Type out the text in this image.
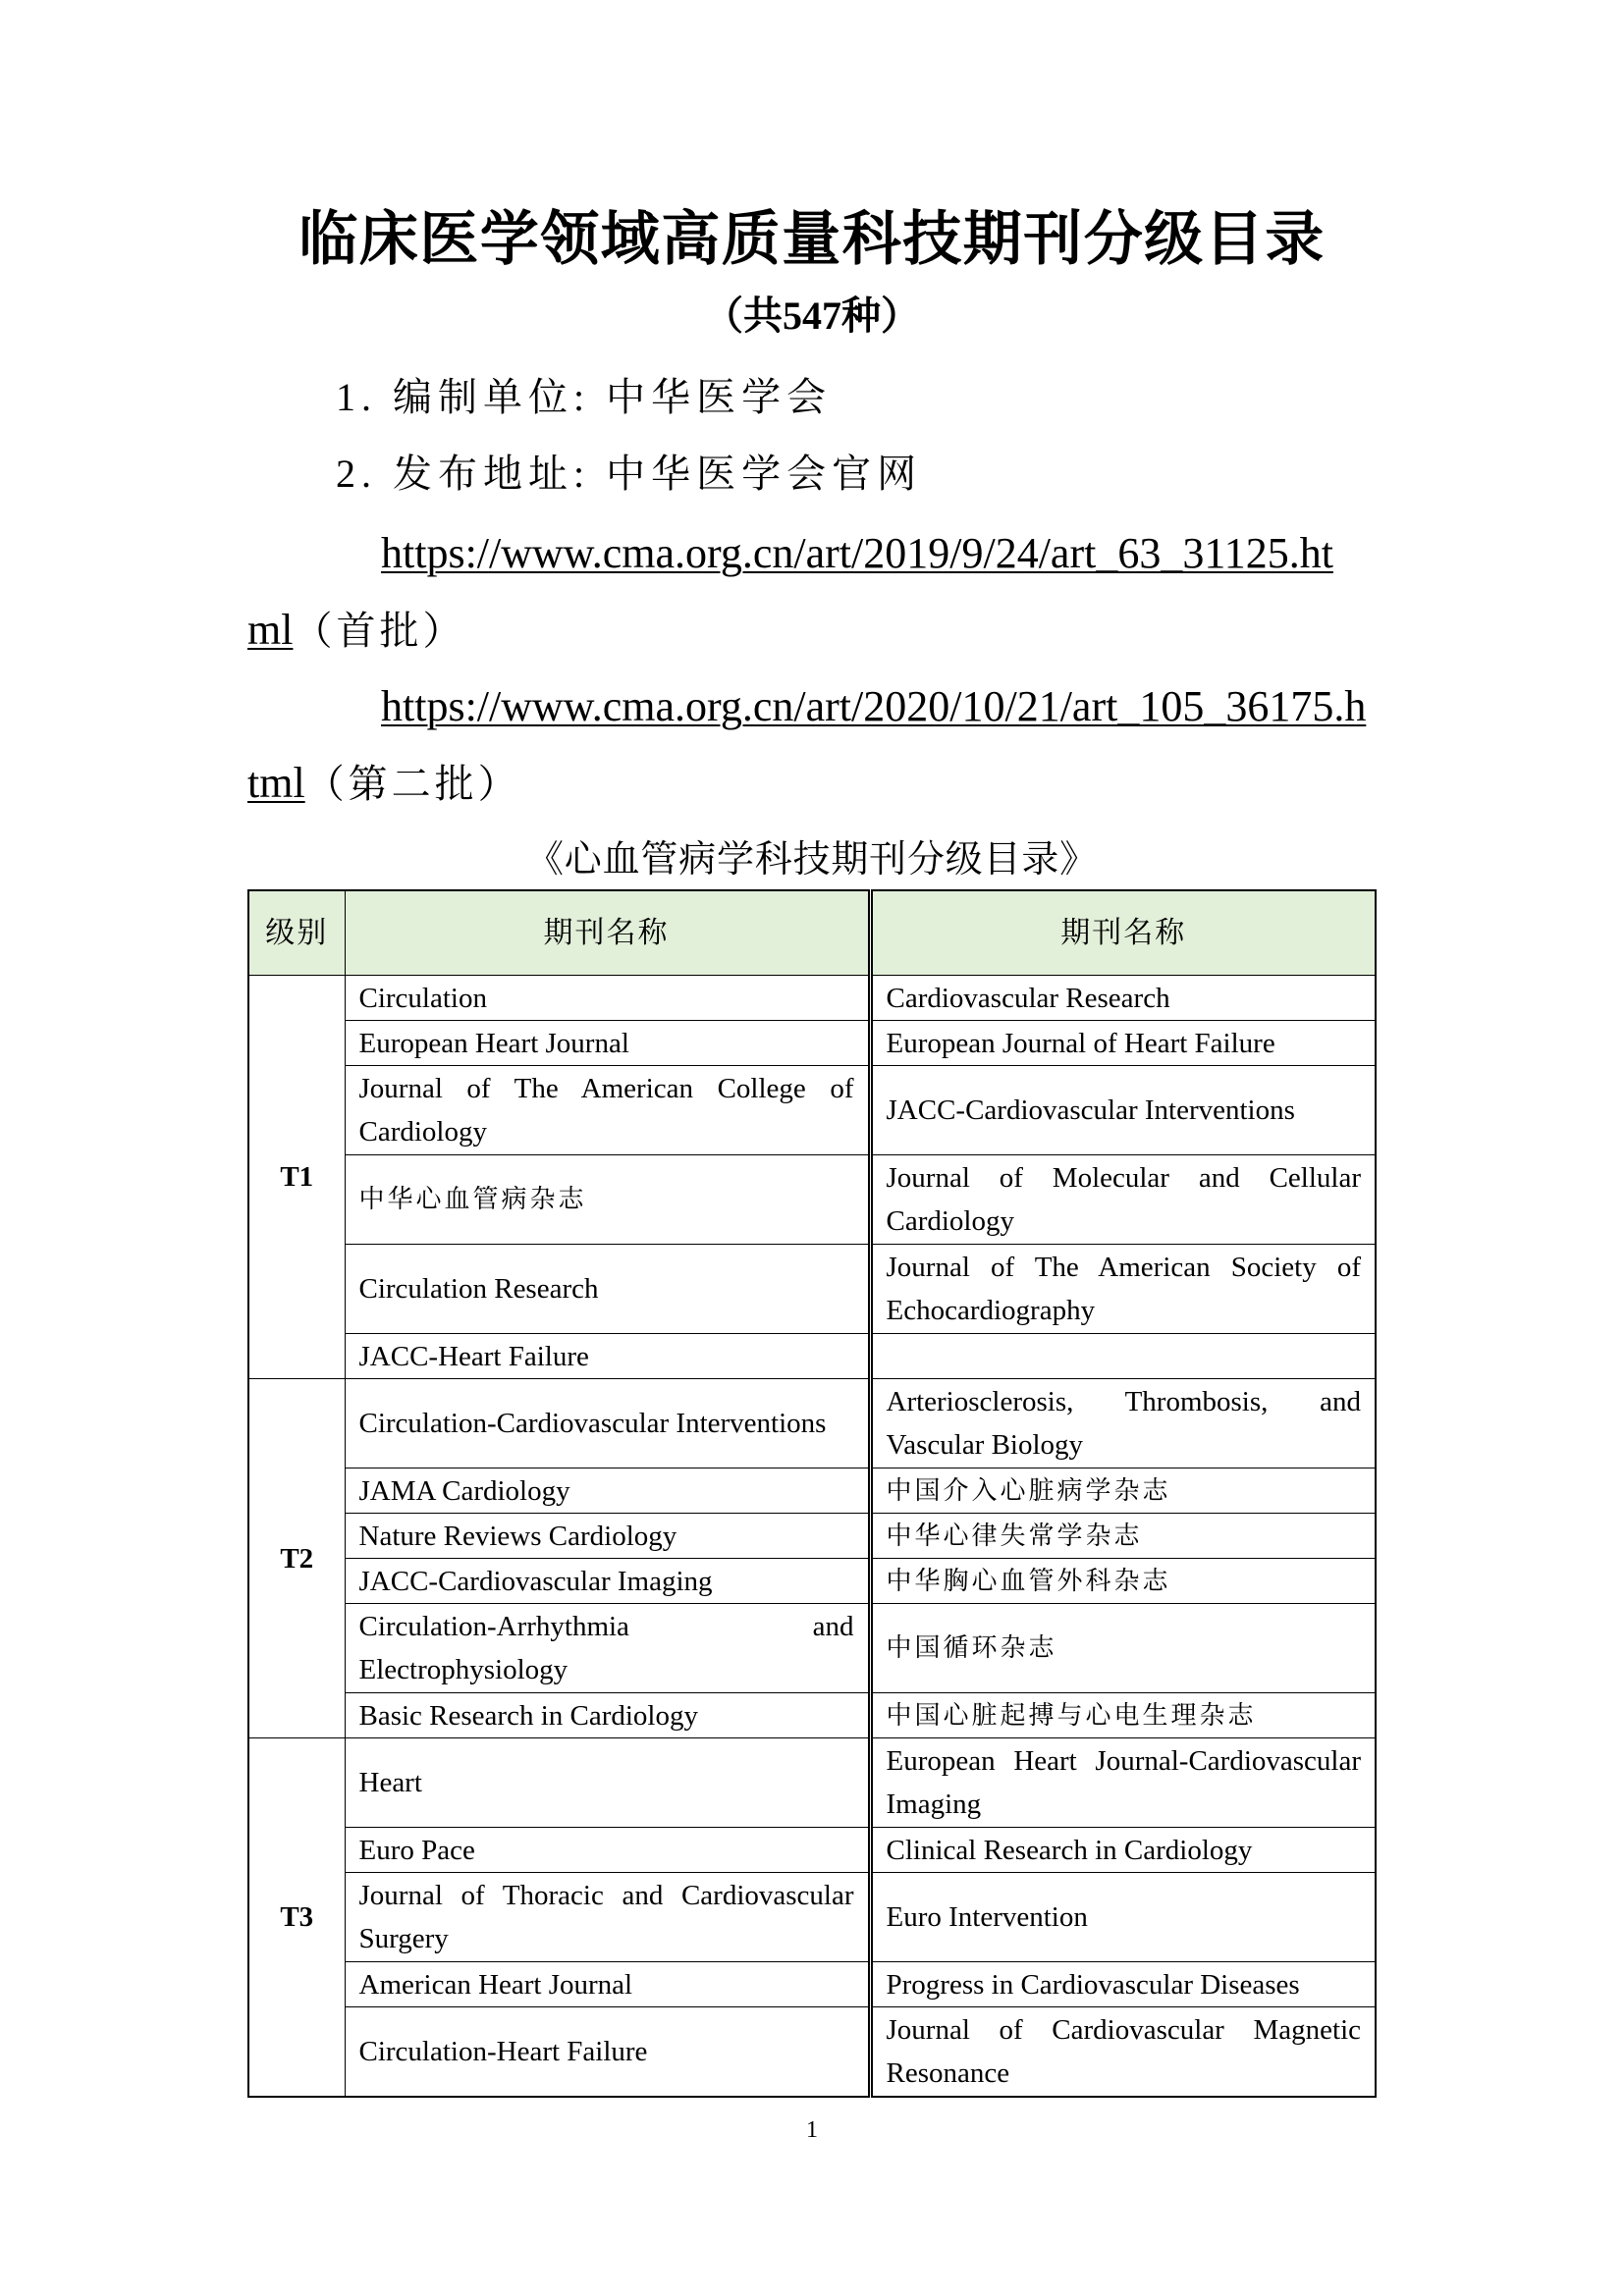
临床医学领域高质量科技期刊分级目录
（共547种）
1. 编制单位: 中华医学会
2. 发布地址: 中华医学会官网
https://www.cma.org.cn/art/2019/9/24/art_63_31125.ht
ml（首批）
https://www.cma.org.cn/art/2020/10/21/art_105_36175.h
tml（第二批）
《心血管病学科技期刊分级目录》
级别	期刊名称	期刊名称
T1	Circulation	Cardiovascular Research
	European Heart Journal	European Journal of Heart Failure
	Journal of The American College of Cardiology	JACC-Cardiovascular Interventions
	中华心血管病杂志	Journal of Molecular and Cellular Cardiology
	Circulation Research	Journal of The American Society of Echocardiography
	JACC-Heart Failure	
T2	Circulation-Cardiovascular Interventions	Arteriosclerosis, Thrombosis, and Vascular Biology
	JAMA Cardiology	中国介入心脏病学杂志
	Nature Reviews Cardiology	中华心律失常学杂志
	JACC-Cardiovascular Imaging	中华胸心血管外科杂志
	Circulation-Arrhythmia and Electrophysiology	中国循环杂志
	Basic Research in Cardiology	中国心脏起搏与心电生理杂志
T3	Heart	European Heart Journal-Cardiovascular Imaging
	Euro Pace	Clinical Research in Cardiology
	Journal of Thoracic and Cardiovascular Surgery	Euro Intervention
	American Heart Journal	Progress in Cardiovascular Diseases
	Circulation-Heart Failure	Journal of Cardiovascular Magnetic Resonance
1
